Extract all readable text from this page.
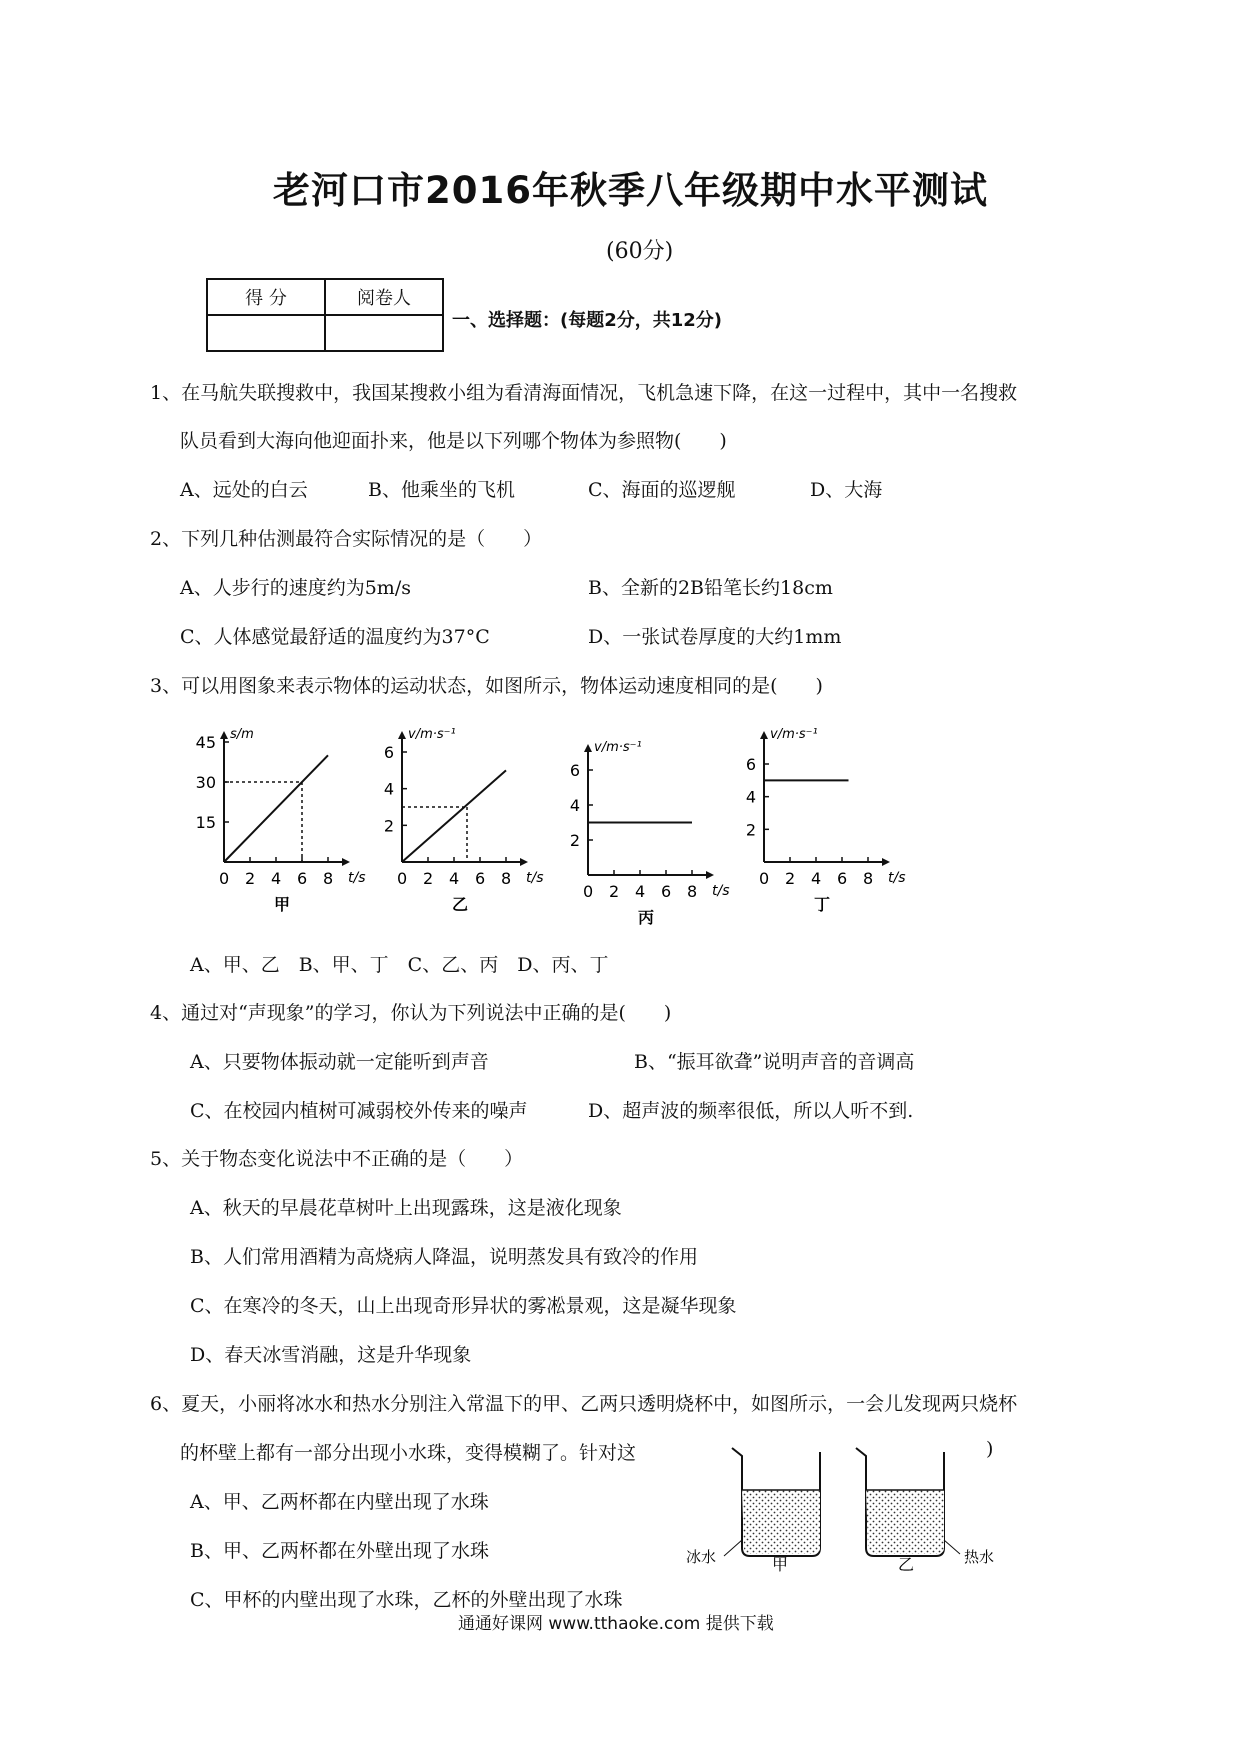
老河口市2016年秋季八年级期中水平测试
(60分)
得 分	阅卷人

一、选择题：(每题2分，共12分)
1、在马航失联搜救中，我国某搜救小组为看清海面情况，飞机急速下降，在这一过程中，其中一名搜救
队员看到大海向他迎面扑来，他是以下列哪个物体为参照物(　　)
A、远处的白云	B、他乘坐的飞机	C、海面的巡逻舰	D、大海
2、下列几种估测最符合实际情况的是（　　）
A、人步行的速度约为5m/s	B、全新的2B铅笔长约18cm
C、人体感觉最舒适的温度约为37°C	D、一张试卷厚度的大约1mm
3、可以用图象来表示物体的运动状态，如图所示，物体运动速度相同的是(　　)
0 2 4 6 8
15
30
45
t/s
s/m
甲
0 2 4 6 8
2
4
6
t/s
v/m·s⁻¹
乙
0 2 4 6 8
2
4
6
t/s
v/m·s⁻¹
丙
0 2 4 6 8
2
4
6
t/s
v/m·s⁻¹
丁
A、甲、乙　B、甲、丁　C、乙、丙　D、丙、丁
4、通过对“声现象”的学习，你认为下列说法中正确的是(　　)
A、只要物体振动就一定能听到声音	B、“振耳欲聋”说明声音的音调高
C、在校园内植树可减弱校外传来的噪声	D、超声波的频率很低，所以人听不到.
5、关于物态变化说法中不正确的是（　　）
A、秋天的早晨花草树叶上出现露珠，这是液化现象
B、人们常用酒精为高烧病人降温，说明蒸发具有致冷的作用
C、在寒冷的冬天，山上出现奇形异状的雾凇景观，这是凝华现象
D、春天冰雪消融，这是升华现象
6、夏天，小丽将冰水和热水分别注入常温下的甲、乙两只透明烧杯中，如图所示，一会儿发现两只烧杯
的杯壁上都有一部分出现小水珠，变得模糊了。针对这	)
A、甲、乙两杯都在内壁出现了水珠
B、甲、乙两杯都在外壁出现了水珠
C、甲杯的内壁出现了水珠，乙杯的外壁出现了水珠
冰水	甲	乙	热水
通通好课网 www.tthaoke.com 提供下载
